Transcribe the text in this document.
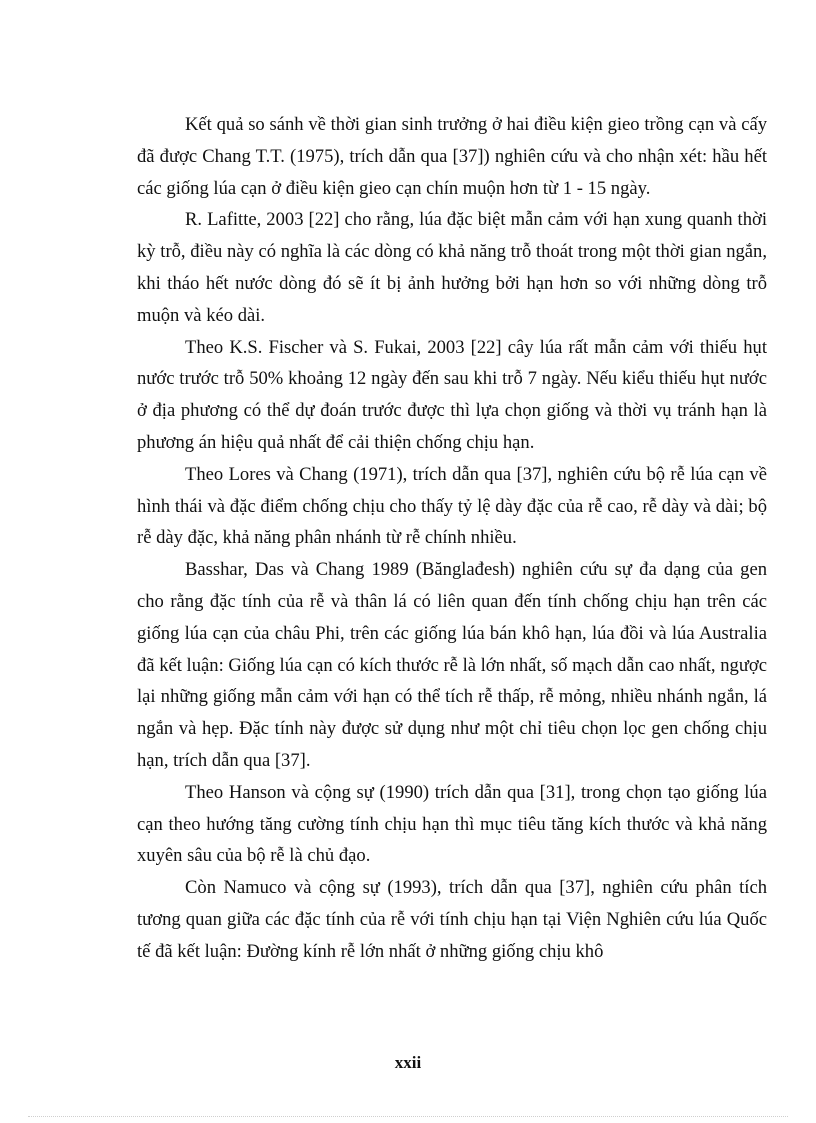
Kết quả so sánh về thời gian sinh trưởng ở hai điều kiện gieo trồng cạn và cấy đã được Chang T.T. (1975), trích dẫn qua [37]) nghiên cứu và cho nhận xét: hầu hết các giống lúa cạn ở điều kiện gieo cạn chín muộn hơn từ 1 - 15 ngày.

R. Lafitte, 2003 [22] cho rằng, lúa đặc biệt mẫn cảm với hạn xung quanh thời kỳ trỗ, điều này có nghĩa là các dòng có khả năng trỗ thoát trong một thời gian ngắn, khi tháo hết nước dòng đó sẽ ít bị ảnh hưởng bởi hạn hơn so với những dòng trỗ muộn và kéo dài.

Theo K.S. Fischer và S. Fukai, 2003 [22] cây lúa rất mẫn cảm với thiếu hụt nước trước trỗ 50% khoảng 12 ngày đến sau khi trỗ 7 ngày. Nếu kiểu thiếu hụt nước ở địa phương có thể dự đoán trước được thì lựa chọn giống và thời vụ tránh hạn là phương án hiệu quả nhất để cải thiện chống chịu hạn.

Theo Lores và Chang (1971), trích dẫn qua [37], nghiên cứu bộ rễ lúa cạn về hình thái và đặc điểm chống chịu cho thấy tỷ lệ dày đặc của rễ cao, rễ dày và dài; bộ rễ dày đặc, khả năng phân nhánh từ rễ chính nhiều.

Basshar, Das và Chang 1989 (Bănglađesh) nghiên cứu sự đa dạng của gen cho rằng đặc tính của rễ và thân lá có liên quan đến tính chống chịu hạn trên các giống lúa cạn của châu Phi, trên các giống lúa bán khô hạn, lúa đồi và lúa Australia đã kết luận: Giống lúa cạn có kích thước rễ là lớn nhất, số mạch dẫn cao nhất, ngược lại những giống mẫn cảm với hạn có thể tích rễ thấp, rễ mỏng, nhiều nhánh ngắn, lá ngắn và hẹp. Đặc tính này được sử dụng như một chỉ tiêu chọn lọc gen chống chịu hạn, trích dẫn qua [37].

Theo Hanson và cộng sự (1990) trích dẫn qua [31], trong chọn tạo giống lúa cạn theo hướng tăng cường tính chịu hạn thì mục tiêu tăng kích thước và khả năng xuyên sâu của bộ rễ là chủ đạo.

Còn Namuco và cộng sự (1993), trích dẫn qua [37], nghiên cứu phân tích tương quan giữa các đặc tính của rễ với tính chịu hạn tại Viện Nghiên cứu lúa Quốc tế đã kết luận: Đường kính rễ lớn nhất ở những giống chịu khô

xxii
